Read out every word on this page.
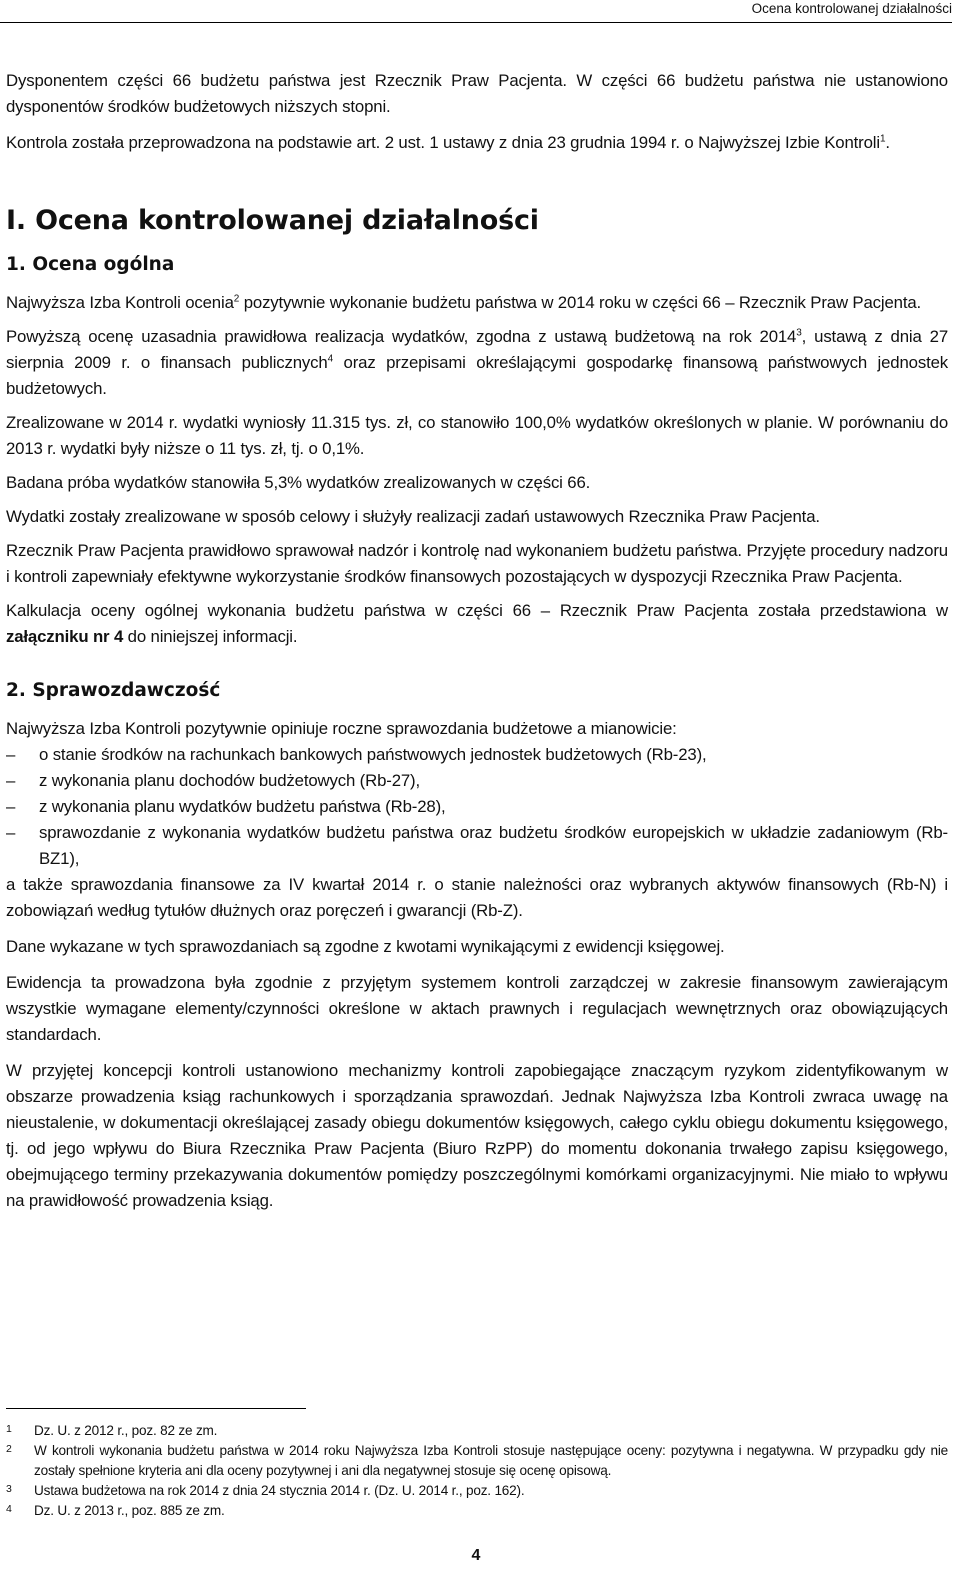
Ocena kontrolowanej działalności

Dysponentem części 66 budżetu państwa jest Rzecznik Praw Pacjenta. W części 66 budżetu państwa nie ustanowiono dysponentów środków budżetowych niższych stopni.

Kontrola została przeprowadzona na podstawie art. 2 ust. 1 ustawy z dnia 23 grudnia 1994 r. o Najwyższej Izbie Kontroli$^1$.

I. Ocena kontrolowanej działalności
1. Ocena ogólna

Najwyższa Izba Kontroli ocenia$^2$ pozytywnie wykonanie budżetu państwa w 2014 roku w części 66 ‒ Rzecznik Praw Pacjenta.

Powyższą ocenę uzasadnia prawidłowa realizacja wydatków, zgodna z ustawą budżetową na rok 2014$^3$, ustawą z dnia 27 sierpnia 2009 r. o finansach publicznych$^4$ oraz przepisami określającymi gospodarkę finansową państwowych jednostek budżetowych.

Zrealizowane w 2014 r. wydatki wyniosły 11.315 tys. zł, co stanowiło 100,0% wydatków określonych w planie. W porównaniu do 2013 r. wydatki były niższe o 11 tys. zł, tj. o 0,1%.

Badana próba wydatków stanowiła 5,3% wydatków zrealizowanych w części 66.

Wydatki zostały zrealizowane w sposób celowy i służyły realizacji zadań ustawowych Rzecznika Praw Pacjenta.

Rzecznik Praw Pacjenta prawidłowo sprawował nadzór i kontrolę nad wykonaniem budżetu państwa. Przyjęte procedury nadzoru i kontroli zapewniały efektywne wykorzystanie środków finansowych pozostających w dyspozycji Rzecznika Praw Pacjenta.

Kalkulacja oceny ogólnej wykonania budżetu państwa w części 66 ‒ Rzecznik Praw Pacjenta została przedstawiona w załączniku nr 4 do niniejszej informacji.

2. Sprawozdawczość

Najwyższa Izba Kontroli pozytywnie opiniuje roczne sprawozdania budżetowe a mianowicie:

‒ o stanie środków na rachunkach bankowych państwowych jednostek budżetowych (Rb-23),
‒ z wykonania planu dochodów budżetowych (Rb-27),
‒ z wykonania planu wydatków budżetu państwa (Rb-28),
‒ sprawozdanie z wykonania wydatków budżetu państwa oraz budżetu środków europejskich w układzie zadaniowym (Rb-BZ1),

a także sprawozdania finansowe za IV kwartał 2014 r. o stanie należności oraz wybranych aktywów finansowych (Rb-N) i zobowiązań według tytułów dłużnych oraz poręczeń i gwarancji (Rb-Z).

Dane wykazane w tych sprawozdaniach są zgodne z kwotami wynikającymi z ewidencji księgowej.

Ewidencja ta prowadzona była zgodnie z przyjętym systemem kontroli zarządczej w zakresie finansowym zawierającym wszystkie wymagane elementy/czynności określone w aktach prawnych i regulacjach wewnętrznych oraz obowiązujących standardach.

W przyjętej koncepcji kontroli ustanowiono mechanizmy kontroli zapobiegające znaczącym ryzykom zidentyfikowanym w obszarze prowadzenia ksiąg rachunkowych i sporządzania sprawozdań. Jednak Najwyższa Izba Kontroli zwraca uwagę na nieustalenie, w dokumentacji określającej zasady obiegu dokumentów księgowych, całego cyklu obiegu dokumentu księgowego, tj. od jego wpływu do Biura Rzecznika Praw Pacjenta (Biuro RzPP) do momentu dokonania trwałego zapisu księgowego, obejmującego terminy przekazywania dokumentów pomiędzy poszczególnymi komórkami organizacyjnymi. Nie miało to wpływu na prawidłowość prowadzenia ksiąg.

1 Dz. U. z 2012 r., poz. 82 ze zm.
2 W kontroli wykonania budżetu państwa w 2014 roku Najwyższa Izba Kontroli stosuje następujące oceny: pozytywna i negatywna. W przypadku gdy nie zostały spełnione kryteria ani dla oceny pozytywnej i ani dla negatywnej stosuje się ocenę opisową.
3 Ustawa budżetowa na rok 2014 z dnia 24 stycznia 2014 r. (Dz. U. 2014 r., poz. 162).
4 Dz. U. z 2013 r., poz. 885 ze zm.
4
